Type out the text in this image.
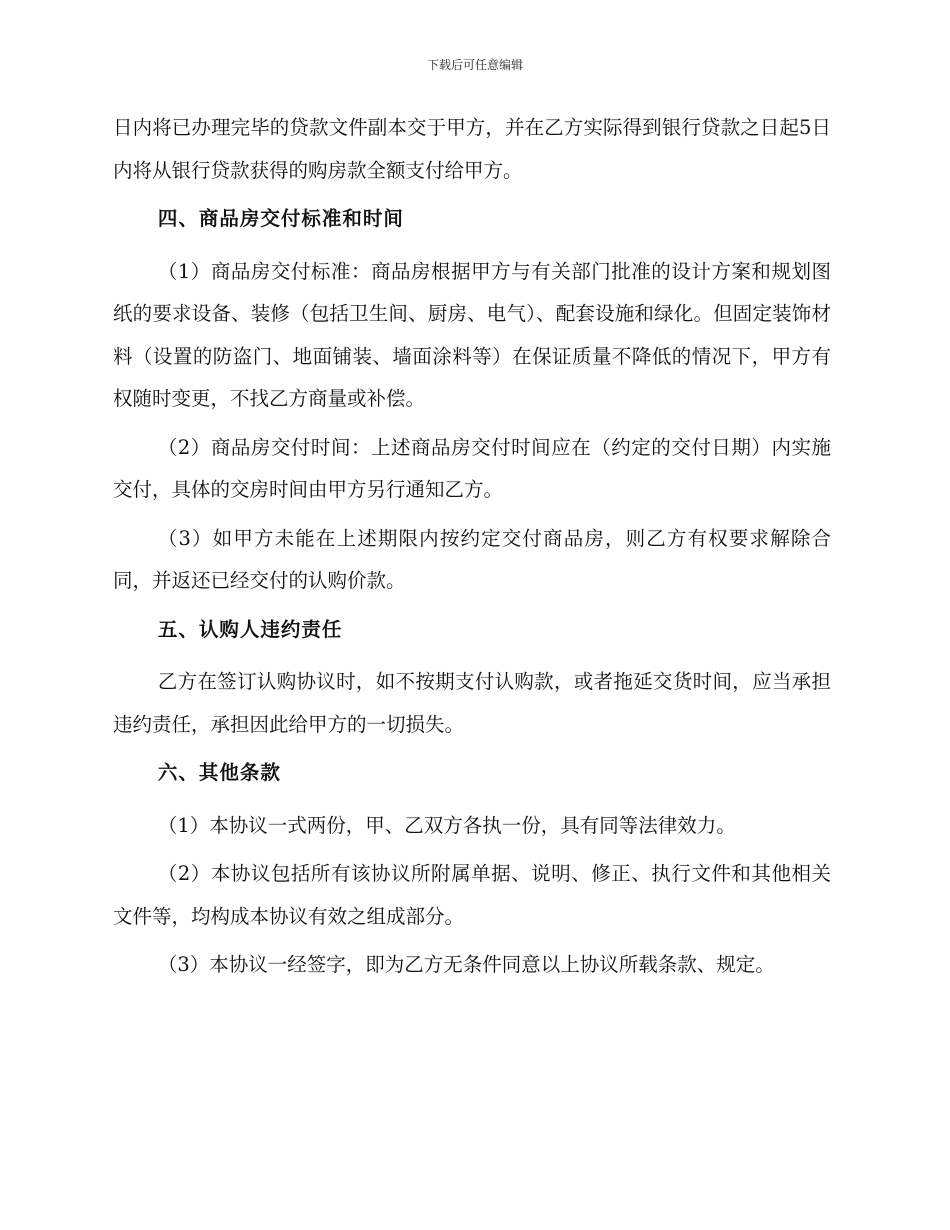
下载后可任意编辑

日内将已办理完毕的贷款文件副本交于甲方，并在乙方实际得到银行贷款之日起5日内将从银行贷款获得的购房款全额支付给甲方。

四、商品房交付标准和时间

（1）商品房交付标准：商品房根据甲方与有关部门批准的设计方案和规划图纸的要求设备、装修（包括卫生间、厨房、电气）、配套设施和绿化。但固定装饰材料（设置的防盗门、地面铺装、墙面涂料等）在保证质量不降低的情况下，甲方有权随时变更，不找乙方商量或补偿。

（2）商品房交付时间：上述商品房交付时间应在（约定的交付日期）内实施交付，具体的交房时间由甲方另行通知乙方。

（3）如甲方未能在上述期限内按约定交付商品房，则乙方有权要求解除合同，并返还已经交付的认购价款。

五、认购人违约责任

乙方在签订认购协议时，如不按期支付认购款，或者拖延交货时间，应当承担违约责任，承担因此给甲方的一切损失。

六、其他条款

（1）本协议一式两份，甲、乙双方各执一份，具有同等法律效力。

（2）本协议包括所有该协议所附属单据、说明、修正、执行文件和其他相关文件等，均构成本协议有效之组成部分。

（3）本协议一经签字，即为乙方无条件同意以上协议所载条款、规定。
